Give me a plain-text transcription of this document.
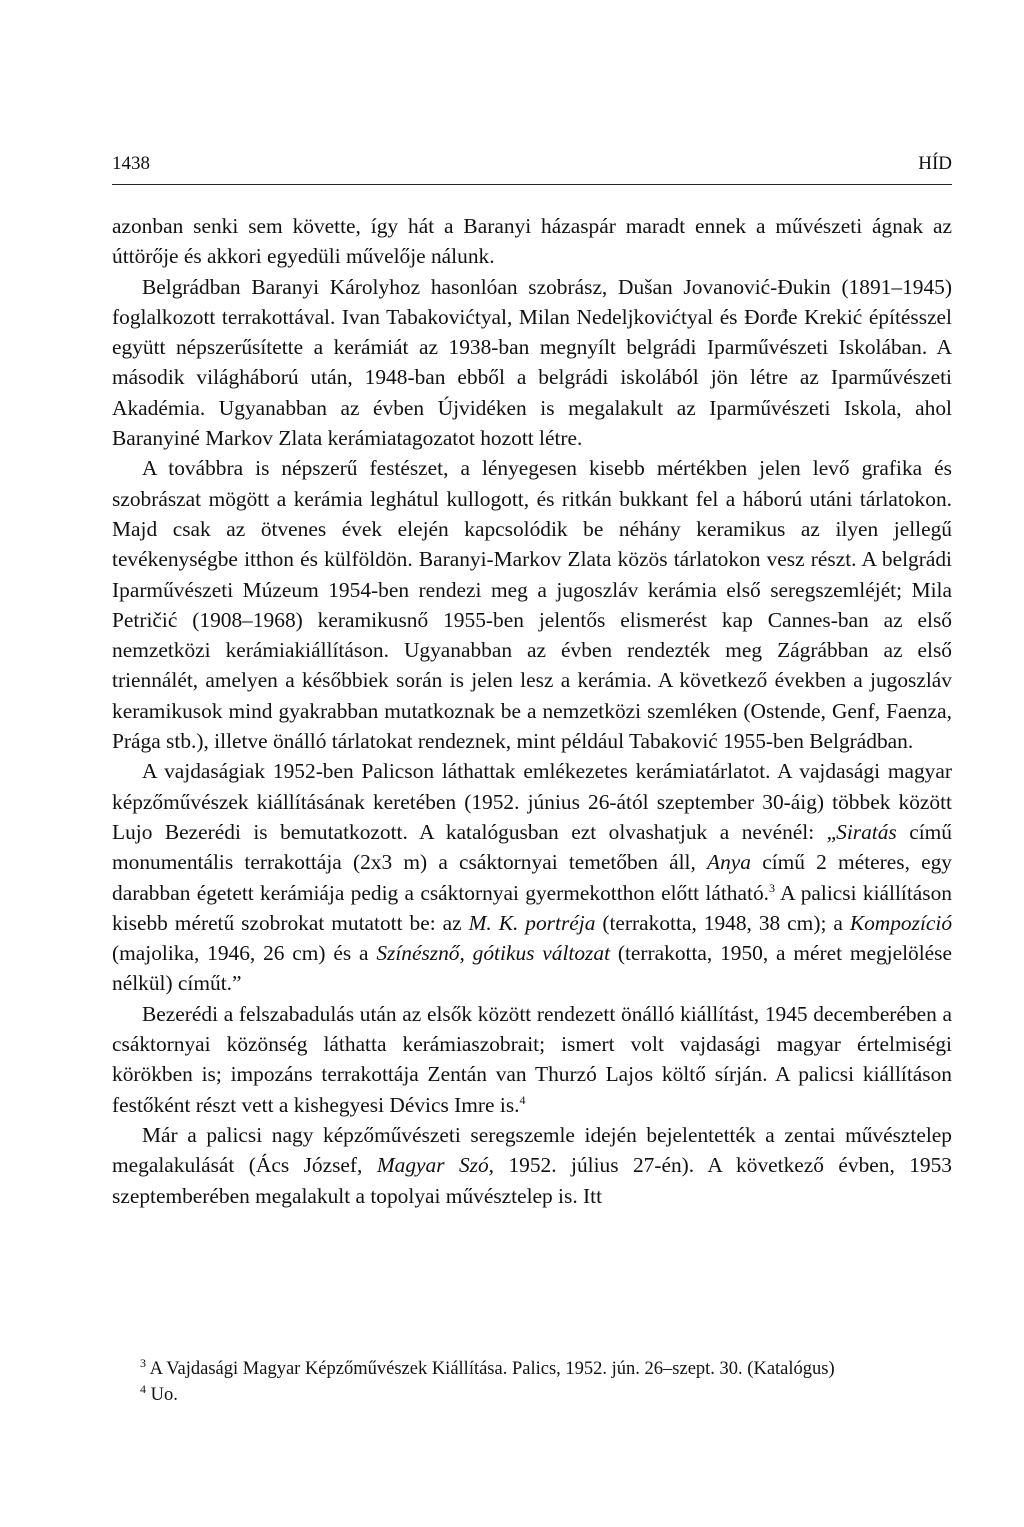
1438	HÍD

azonban senki sem követte, így hát a Baranyi házaspár maradt ennek a művészeti ágnak az úttörője és akkori egyedüli művelője nálunk.

Belgrádban Baranyi Károlyhoz hasonlóan szobrász, Dušan Jovanović-Đukin (1891–1945) foglalkozott terrakottával. Ivan Tabakovićtyal, Milan Nedeljkovićtyal és Đorđe Krekić építésszel együtt népszerűsítette a kerámiát az 1938-ban megnyílt belgrádi Iparművészeti Iskolában. A második világháború után, 1948-ban ebből a belgrádi iskolából jön létre az Iparművészeti Akadémia. Ugyanabban az évben Újvidéken is megalakult az Iparművészeti Iskola, ahol Baranyiné Markov Zlata kerámiatagozatot hozott létre.

A továbbra is népszerű festészet, a lényegesen kisebb mértékben jelen levő grafika és szobrászat mögött a kerámia leghátul kullogott, és ritkán bukkant fel a háború utáni tárlatokon. Majd csak az ötvenes évek elején kapcsolódik be néhány keramikus az ilyen jellegű tevékenységbe itthon és külföldön. Baranyi-Markov Zlata közös tárlatokon vesz részt. A belgrádi Iparművészeti Múzeum 1954-ben rendezi meg a jugoszláv kerámia első seregszemléjét; Mila Petričić (1908–1968) keramikusnő 1955-ben jelentős elismerést kap Cannes-ban az első nemzetközi kerámiakiállításon. Ugyanabban az évben rendezték meg Zágrábban az első triennálét, amelyen a későbbiek során is jelen lesz a kerámia. A következő években a jugoszláv keramikusok mind gyakrabban mutatkoznak be a nemzetközi szemléken (Ostende, Genf, Faenza, Prága stb.), illetve önálló tárlatokat rendeznek, mint például Tabaković 1955-ben Belgrádban.

A vajdaságiak 1952-ben Palicson láthattak emlékezetes kerámiatárlatot. A vajdasági magyar képzőművészek kiállításának keretében (1952. június 26-ától szeptember 30-áig) többek között Lujo Bezerédi is bemutatkozott. A katalógusban ezt olvashatjuk a nevénél: „Siratás című monumentális terrakottája (2x3 m) a csáktornyai temetőben áll, Anya című 2 méteres, egy darabban égetett kerámiája pedig a csáktornyai gyermekotthon előtt látható.$^3$ A palicsi kiállításon kisebb méretű szobrokat mutatott be: az M. K. portréja (terrakotta, 1948, 38 cm); a Kompozíció (majolika, 1946, 26 cm) és a Színésznő, gótikus változat (terrakotta, 1950, a méret megjelölése nélkül) címűt.”

Bezerédi a felszabadulás után az elsők között rendezett önálló kiállítást, 1945 decemberében a csáktornyai közönség láthatta kerámiaszobrait; ismert volt vajdasági magyar értelmiségi körökben is; impozáns terrakottája Zentán van Thurzó Lajos költő sírján. A palicsi kiállításon festőként részt vett a kishegyesi Dévics Imre is.$^4$

Már a palicsi nagy képzőművészeti seregszemle idején bejelentették a zentai művésztelep megalakulását (Ács József, Magyar Szó, 1952. július 27-én). A következő évben, 1953 szeptemberében megalakult a topolyai művésztelep is. Itt

$^3$ A Vajdasági Magyar Képzőművészek Kiállítása. Palics, 1952. jún. 26–szept. 30. (Katalógus)

$^4$ Uo.
